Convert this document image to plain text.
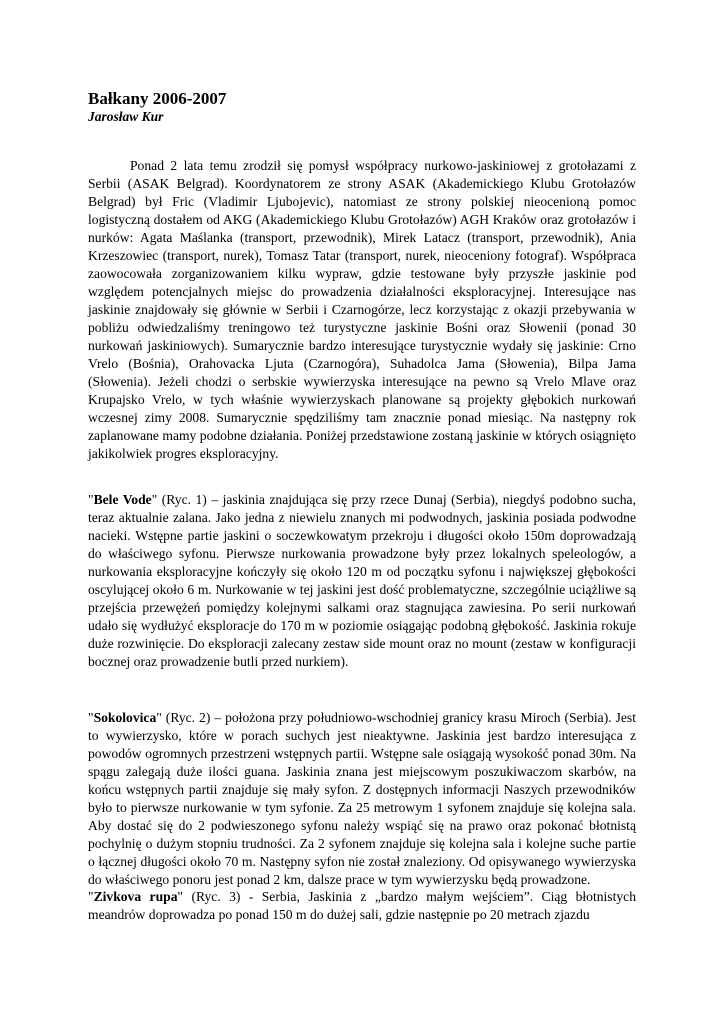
Bałkany 2006-2007
Jarosław Kur

Ponad 2 lata temu zrodził się pomysł współpracy nurkowo-jaskiniowej z grotołazami z Serbii (ASAK Belgrad). Koordynatorem ze strony ASAK (Akademickiego Klubu Grotołazów Belgrad) był Fric (Vladimir Ljubojevic), natomiast ze strony polskiej nieocenioną pomoc logistyczną dostałem od AKG (Akademickiego Klubu Grotołazów) AGH Kraków oraz grotołazów i nurków: Agata Maślanka (transport, przewodnik), Mirek Latacz (transport, przewodnik), Ania Krzeszowiec (transport, nurek), Tomasz Tatar (transport, nurek, nieoceniony fotograf). Współpraca zaowocowała zorganizowaniem kilku wypraw, gdzie testowane były przyszłe jaskinie pod względem potencjalnych miejsc do prowadzenia działalności eksploracyjnej. Interesujące nas jaskinie znajdowały się głównie w Serbii i Czarnogórze, lecz korzystając z okazji przebywania w pobliżu odwiedzaliśmy treningowo też turystyczne jaskinie Bośni oraz Słowenii (ponad 30 nurkowań jaskiniowych). Sumarycznie bardzo interesujące turystycznie wydały się jaskinie: Crno Vrelo (Bośnia), Orahovacka Ljuta (Czarnogóra), Suhadolca Jama (Słowenia), Bilpa Jama (Słowenia). Jeżeli chodzi o serbskie wywierzyska interesujące na pewno są Vrelo Mlave oraz Krupajsko Vrelo, w tych właśnie wywierzyskach planowane są projekty głębokich nurkowań wczesnej zimy 2008. Sumarycznie spędziliśmy tam znacznie ponad miesiąc. Na następny rok zaplanowane mamy podobne działania. Poniżej przedstawione zostaną jaskinie w których osiągnięto jakikolwiek progres eksploracyjny.

"Bele Vode" (Ryc. 1) – jaskinia znajdująca się przy rzece Dunaj (Serbia), niegdyś podobno sucha, teraz aktualnie zalana. Jako jedna z niewielu znanych mi podwodnych, jaskinia posiada podwodne nacieki. Wstępne partie jaskini o soczewkowatym przekroju i długości około 150m doprowadzają do właściwego syfonu. Pierwsze nurkowania prowadzone były przez lokalnych speleologów, a nurkowania eksploracyjne kończyły się około 120 m od początku syfonu i największej głębokości oscylującej około 6 m. Nurkowanie w tej jaskini jest dość problematyczne, szczególnie uciążliwe są przejścia przewężeń pomiędzy kolejnymi salkami oraz stagnująca zawiesina. Po serii nurkowań udało się wydłużyć eksploracje do 170 m w poziomie osiągając podobną głębokość. Jaskinia rokuje duże rozwinięcie. Do eksploracji zalecany zestaw side mount oraz no mount (zestaw w konfiguracji bocznej oraz prowadzenie butli przed nurkiem).

"Sokolovica" (Ryc. 2) – położona przy południowo-wschodniej granicy krasu Miroch (Serbia). Jest to wywierzysko, które w porach suchych jest nieaktywne. Jaskinia jest bardzo interesująca z powodów ogromnych przestrzeni wstępnych partii. Wstępne sale osiągają wysokość ponad 30m. Na spągu zalegają duże ilości guana. Jaskinia znana jest miejscowym poszukiwaczom skarbów, na końcu wstępnych partii znajduje się mały syfon. Z dostępnych informacji Naszych przewodników było to pierwsze nurkowanie w tym syfonie. Za 25 metrowym 1 syfonem znajduje się kolejna sala. Aby dostać się do 2 podwieszonego syfonu należy wspiąć się na prawo oraz pokonać błotnistą pochylnię o dużym stopniu trudności. Za 2 syfonem znajduje się kolejna sala i kolejne suche partie o łącznej długości około 70 m. Następny syfon nie został znaleziony. Od opisywanego wywierzyska do właściwego ponoru jest ponad 2 km, dalsze prace w tym wywierzysku będą prowadzone.

"Zivkova rupa" (Ryc. 3) - Serbia, Jaskinia z „bardzo małym wejściem”. Ciąg błotnistych meandrów doprowadza po ponad 150 m do dużej sali, gdzie następnie po 20 metrach zjazdu
